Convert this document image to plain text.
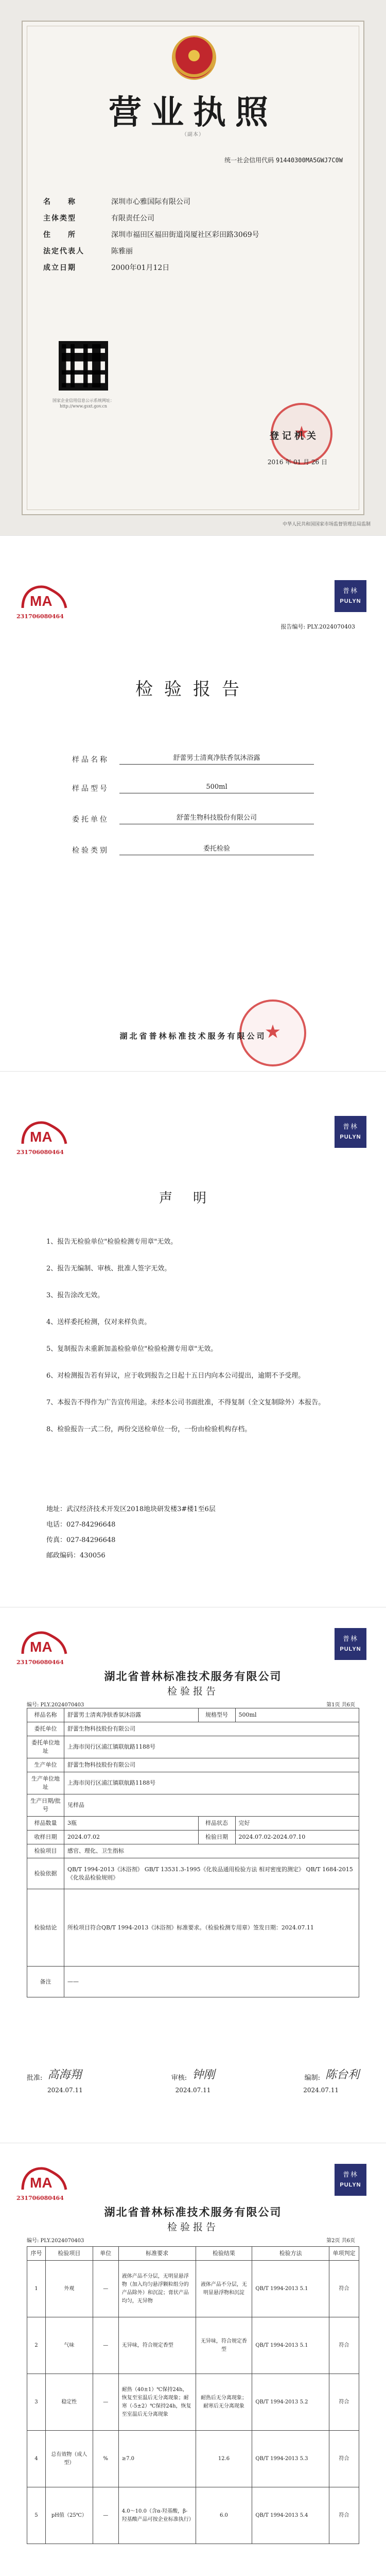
营业执照
（副本）
统一社会信用代码 91440300MA5GWJ7C0W
名　　称	深圳市心雅国际有限公司
主体类型	有限责任公司
住　　所	深圳市福田区福田街道岗厦社区彩田路3069号
法定代表人	陈雅丽
成立日期	2000年01月12日
国家企业信用信息公示系统网址：http://www.gsxt.gov.cn
★
登记机关
2016 年 01 月 26 日
中华人民共和国国家市场监督管理总局监制
MA
231706080464
普林
PULYN
报告编号: PLY.2024070403
检验报告
样品名称	舒蕾男士清爽净肤香氛沐浴露
样品型号	500ml
委托单位	舒蕾生物科技股份有限公司
检验类别	委托检验
★
湖北省普林标准技术服务有限公司
MA
231706080464
普林
PULYN
声明
1、报告无检验单位"检验检测专用章"无效。
2、报告无编制、审核、批准人签字无效。
3、报告涂改无效。
4、送样委托检测，仅对来样负责。
5、复制报告未重新加盖检验单位"检验检测专用章"无效。
6、对检测报告若有异议，应于收到报告之日起十五日内向本公司提出，逾期不予受理。
7、本报告不得作为广告宣传用途。未经本公司书面批准，不得复制（全文复制除外）本报告。
8、检验报告一式二份，两份交送检单位一份，一份由检验机构存档。
地址：武汉经济技术开发区2018地块研发楼3#楼1至6层
电话：027-84296648
传真：027-84296648
邮政编码：430056
MA
231706080464
普林
PULYN
湖北省普林标准技术服务有限公司
检验报告
编号: PLY.2024070403	第1页 共6页
样品名称	舒蕾男士清爽净肤香氛沐浴露	规格型号	500ml
委托单位	舒蕾生物科技股份有限公司		
委托单位地址	上海市闵行区浦江镇联航路1188号		
生产单位	舒蕾生物科技股份有限公司		
生产单位地址	上海市闵行区浦江镇联航路1188号		
生产日期/批号	见样品		
样品数量	3瓶	样品状态	完好
收样日期	2024.07.02	检验日期	2024.07.02-2024.07.10
检验项目	感官、理化、卫生指标		
检验依据	QB/T 1994-2013《沐浴剂》 GB/T 13531.3-1995《化妆品通用检验方法 相对密度的测定》 QB/T 1684-2015《化妆品检验规则》		
检验结论	所检项目符合QB/T 1994-2013《沐浴剂》标准要求。（检验检测专用章）签发日期：2024.07.11		
备注	——		
批准: 高海翔	审核: 钟刚	编制: 陈台利
2024.07.11	2024.07.11	2024.07.11
MA
231706080464
普林
PULYN
湖北省普林标准技术服务有限公司
检验报告
编号: PLY.2024070403	第2页 共6页
序号	检验项目	单位	标准要求	检验结果	检验方法	单项判定
1	外观	—	液体产品不分层，无明显悬浮物（加入均匀悬浮颗粒组分的产品除外）和沉淀；膏状产品均匀，无异物	液体产品不分层，无明显悬浮物和沉淀	QB/T 1994-2013 5.1	符合
2	气味	—	无异味，符合规定香型	无异味，符合规定香型	QB/T 1994-2013 5.1	符合
3	稳定性	—	耐热（40±1）℃保持24h，恢复至室温后无分离现象；耐寒（-5±2）℃保持24h，恢复至室温后无分离现象	耐热后无分离现象；耐寒后无分离现象	QB/T 1994-2013 5.2	符合
4	总有效物（成人型）	%	≥7.0	12.6	QB/T 1994-2013 5.3	符合
5	pH值（25℃）	—	4.0～10.0（含α-羟基酸，β-羟基酸产品可按企业标准执行）	6.0	QB/T 1994-2013 5.4	符合
